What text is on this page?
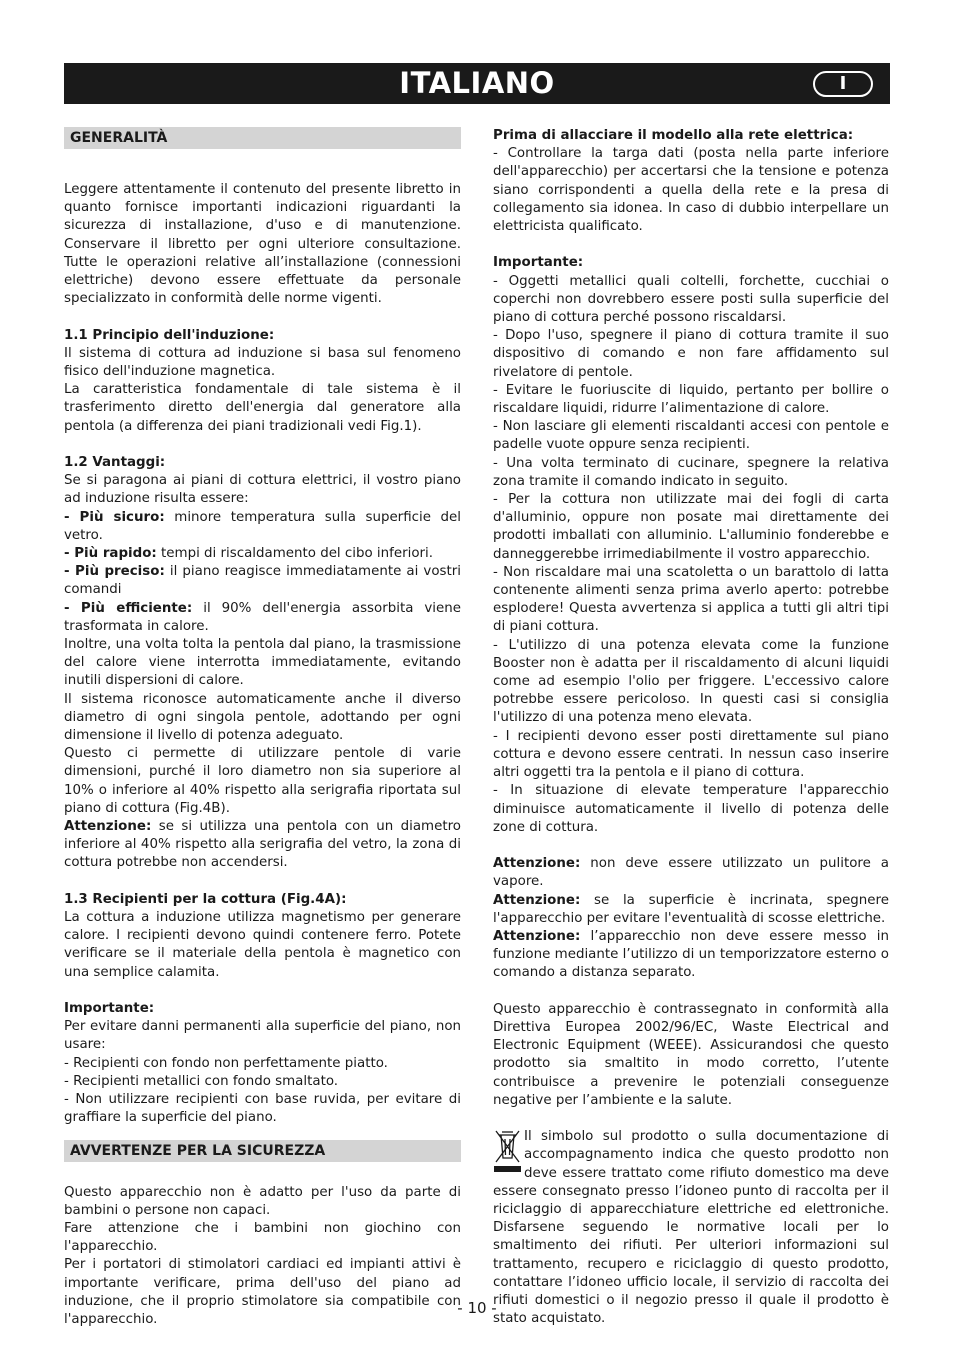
ITALIANO	I
GENERALITÀ

Leggere attentamente il contenuto del presente libretto in quanto fornisce importanti indicazioni riguardanti la sicurezza di installazione, d'uso e di manutenzione. Conservare il libretto per ogni ulteriore consultazione. Tutte le operazioni relative all’installazione (connessioni elettriche) devono essere effettuate da personale specializzato in conformità delle norme vigenti.

1.1 Principio dell'induzione:

Il sistema di cottura ad induzione si basa sul fenomeno fisico dell'induzione magnetica.

La caratteristica fondamentale di tale sistema è il trasferimento diretto dell'energia dal generatore alla pentola (a differenza dei piani tradizionali vedi Fig.1).

1.2 Vantaggi:

Se si paragona ai piani di cottura elettrici, il vostro piano ad induzione risulta essere:

- Più sicuro: minore temperatura sulla superficie del vetro.

- Più rapido: tempi di riscaldamento del cibo inferiori.

- Più preciso: il piano reagisce immediatamente ai vostri comandi

- Più efficiente: il 90% dell'energia assorbita viene trasformata in calore.

Inoltre, una volta tolta la pentola dal piano, la trasmissione del calore viene interrotta immediatamente, evitando inutili dispersioni di calore.

Il sistema riconosce automaticamente anche il diverso diametro di ogni singola pentole, adottando per ogni dimensione il livello di potenza adeguato.

Questo ci permette di utilizzare pentole di varie dimensioni, purché il loro diametro non sia superiore al 10% o inferiore al 40% rispetto alla serigrafia riportata sul piano di cottura (Fig.4B).

Attenzione: se si utilizza una pentola con un diametro inferiore al 40% rispetto alla serigrafia del vetro, la zona di cottura potrebbe non accendersi.

1.3 Recipienti per la cottura (Fig.4A):

La cottura a induzione utilizza magnetismo per generare calore. I recipienti devono quindi contenere ferro. Potete verificare se il materiale della pentola è magnetico con una semplice calamita.

Importante:

Per evitare danni permanenti alla superficie del piano, non usare:

- Recipienti con fondo non perfettamente piatto.

- Recipienti metallici con fondo smaltato.

- Non utilizzare recipienti con base ruvida, per evitare di graffiare la superficie del piano.

AVVERTENZE PER LA SICUREZZA

Questo apparecchio non è adatto per l'uso da parte di bambini o persone non capaci.

Fare attenzione che i bambini non giochino con l'apparecchio.

Per i portatori di stimolatori cardiaci ed impianti attivi è importante verificare, prima dell'uso del piano ad induzione, che il proprio stimolatore sia compatibile con l'apparecchio.

Prima di allacciare il modello alla rete elettrica:

- Controllare la targa dati (posta nella parte inferiore dell'apparecchio) per accertarsi che la tensione e potenza siano corrispondenti a quella della rete e la presa di collegamento sia idonea. In caso di dubbio interpellare un elettricista qualificato.

Importante:

- Oggetti metallici quali coltelli, forchette, cucchiai o coperchi non dovrebbero essere posti sulla superficie del piano di cottura perché possono riscaldarsi.

- Dopo l'uso, spegnere il piano di cottura tramite il suo dispositivo di comando e non fare affidamento sul rivelatore di pentole.

- Evitare le fuoriuscite di liquido, pertanto per bollire o riscaldare liquidi, ridurre l’alimentazione di calore.

- Non lasciare gli elementi riscaldanti accesi con pentole e padelle vuote oppure senza recipienti.

- Una volta terminato di cucinare, spegnere la relativa zona tramite il comando indicato in seguito.

- Per la cottura non utilizzate mai dei fogli di carta d'alluminio, oppure non posate mai direttamente dei prodotti imballati con alluminio. L'alluminio fonderebbe e danneggerebbe irrimediabilmente il vostro apparecchio.

- Non riscaldare mai una scatoletta o un barattolo di latta contenente alimenti senza prima averlo aperto: potrebbe esplodere! Questa avvertenza si applica a tutti gli altri tipi di piani cottura.

- L'utilizzo di una potenza elevata come la funzione Booster non è adatta per il riscaldamento di alcuni liquidi come ad esempio l'olio per friggere. L'eccessivo calore potrebbe essere pericoloso. In questi casi si consiglia l'utilizzo di una potenza meno elevata.

- I recipienti devono esser posti direttamente sul piano cottura e devono essere centrati. In nessun caso inserire altri oggetti tra la pentola e il piano di cottura.

- In situazione di elevate temperature l'apparecchio diminuisce automaticamente il livello di potenza delle zone di cottura.

Attenzione: non deve essere utilizzato un pulitore a vapore.

Attenzione: se la superficie è incrinata, spegnere l'apparecchio per evitare l'eventualità di scosse elettriche.

Attenzione: l’apparecchio non deve essere messo in funzione mediante l’utilizzo di un temporizzatore esterno o comando a distanza separato.

Questo apparecchio è contrassegnato in conformità alla Direttiva Europea 2002/96/EC, Waste Electrical and Electronic Equipment (WEEE). Assicurandosi che questo prodotto sia smaltito in modo corretto, l’utente contribuisce a prevenire le potenziali conseguenze negative per l’ambiente e la salute.

Il simbolo sul prodotto o sulla documentazione di accompagnamento indica che questo prodotto non deve essere trattato come rifiuto domestico ma deve essere consegnato presso l’idoneo punto di raccolta per il riciclaggio di apparecchiature elettriche ed elettroniche. Disfarsene seguendo le normative locali per lo smaltimento dei rifiuti. Per ulteriori informazioni sul trattamento, recupero e riciclaggio di questo prodotto, contattare l’idoneo ufficio locale, il servizio di raccolta dei rifiuti domestici o il negozio presso il quale il prodotto è stato acquistato.

- 10 -
